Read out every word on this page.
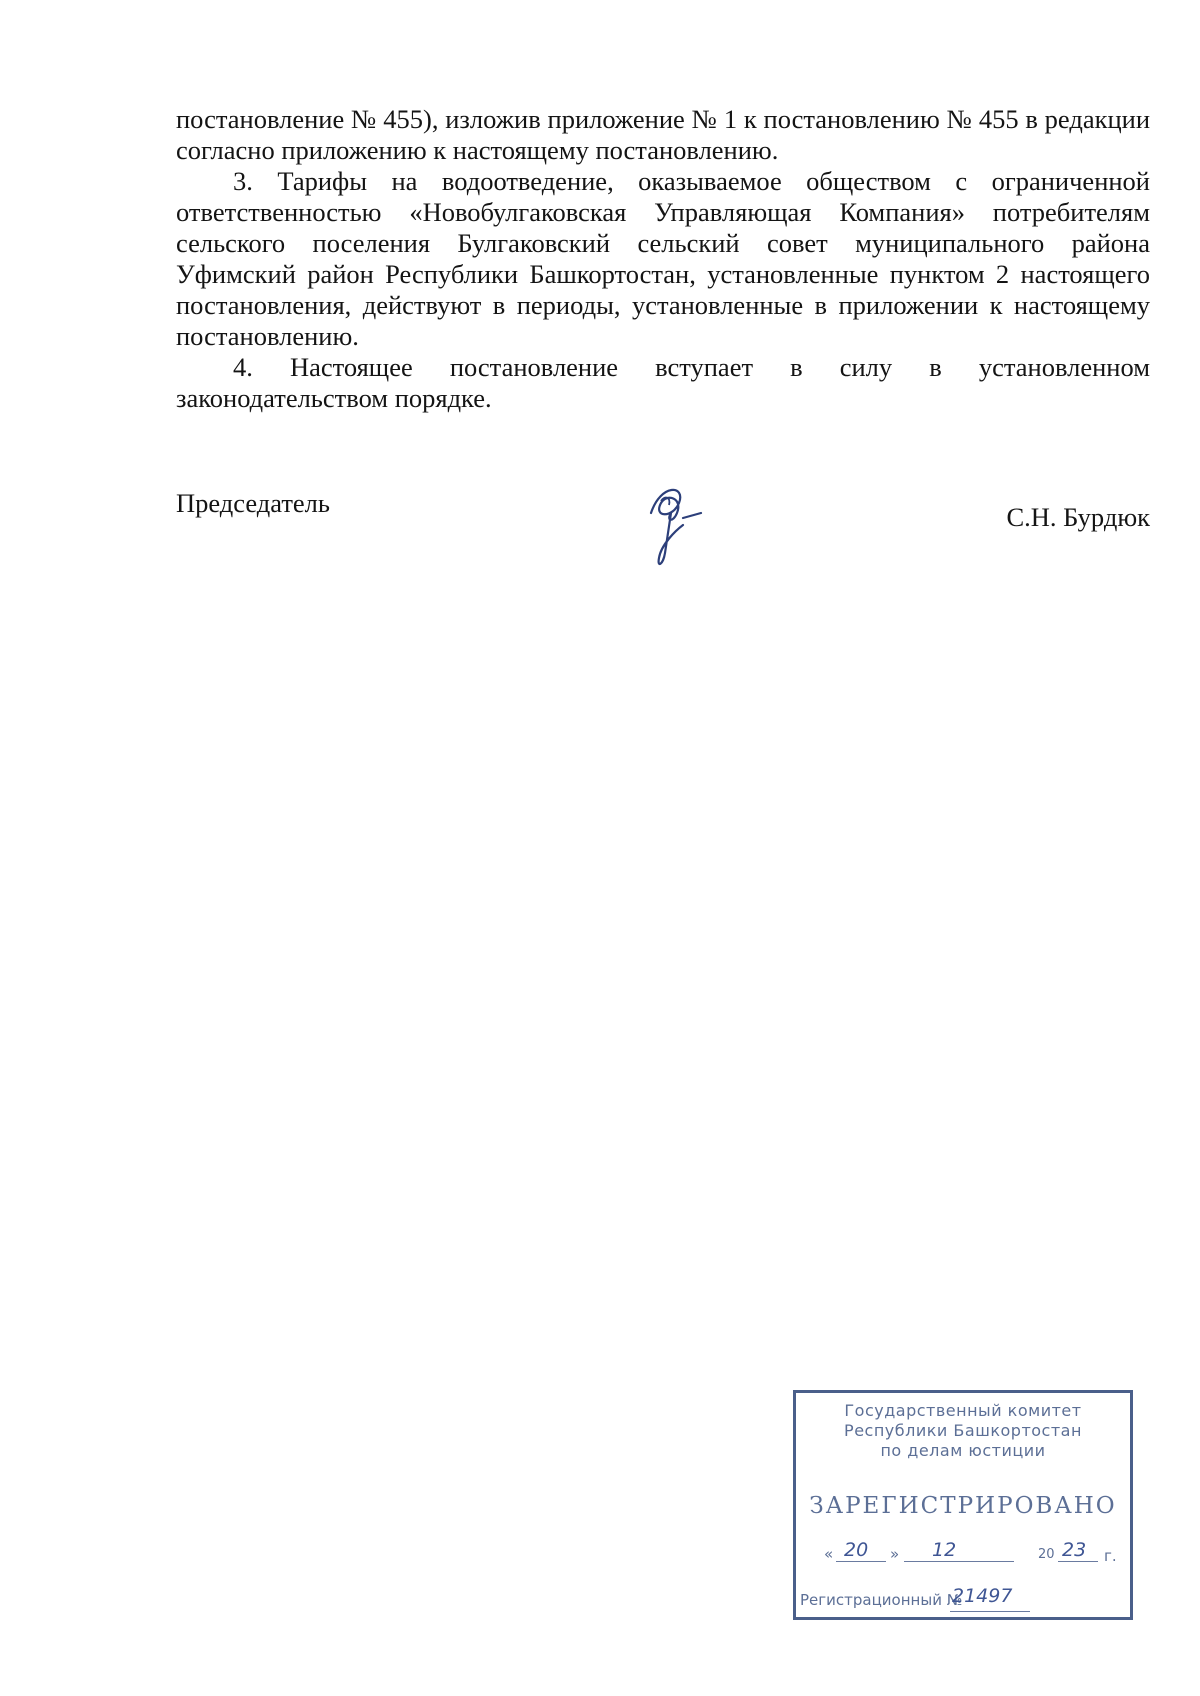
постановление № 455), изложив приложение № 1 к постановлению № 455 в редакции согласно приложению к настоящему постановлению.

3. Тарифы на водоотведение, оказываемое обществом с ограниченной ответственностью «Новобулгаковская Управляющая Компания» потребителям сельского поселения Булгаковский сельский совет муниципального района Уфимский район Республики Башкортостан, установленные пунктом 2 настоящего постановления, действуют в периоды, установленные в приложении к настоящему постановлению.

4. Настоящее постановление вступает в силу в установленном законодательством порядке.

Председатель	С.Н. Бурдюк
Государственный комитет
Республики Башкортостан
по делам юстиции
ЗАРЕГИСТРИРОВАНО
« 20 » 12	20 23 г.
Регистрационный №
21497
